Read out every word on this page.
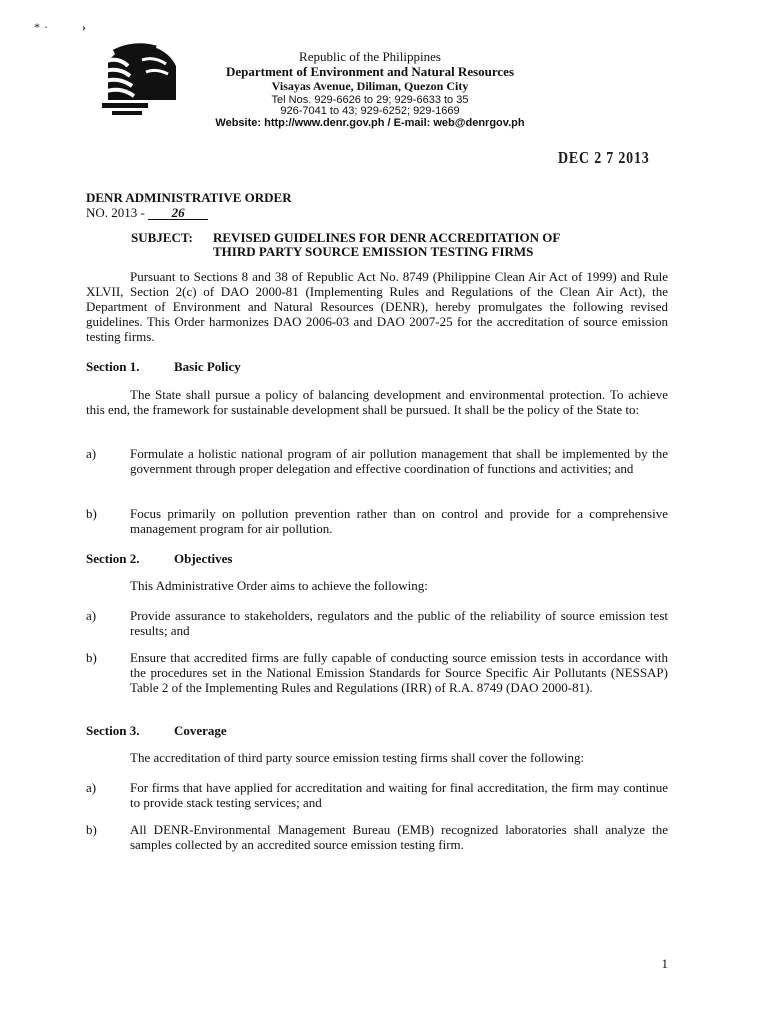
* ·	›
Republic of the Philippines
Department of Environment and Natural Resources
Visayas Avenue, Diliman, Quezon City
Tel Nos. 929-6626 to 29; 929-6633 to 35
926-7041 to 43; 929-6252; 929-1669
Website: http://www.denr.gov.ph / E-mail: web@denrgov.ph
DEC 2 7 2013
DENR ADMINISTRATIVE ORDER
NO. 2013 - 26
SUBJECT: REVISED GUIDELINES FOR DENR ACCREDITATION OF
THIRD PARTY SOURCE EMISSION TESTING FIRMS
Pursuant to Sections 8 and 38 of Republic Act No. 8749 (Philippine Clean Air Act of 1999) and Rule XLVII, Section 2(c) of DAO 2000-81 (Implementing Rules and Regulations of the Clean Air Act), the Department of Environment and Natural Resources (DENR), hereby promulgates the following revised guidelines. This Order harmonizes DAO 2006-03 and DAO 2007-25 for the accreditation of source emission testing firms.
Section 1.	Basic Policy
The State shall pursue a policy of balancing development and environmental protection. To achieve this end, the framework for sustainable development shall be pursued. It shall be the policy of the State to:
a)	Formulate a holistic national program of air pollution management that shall be implemented by the government through proper delegation and effective coordination of functions and activities; and
b)	Focus primarily on pollution prevention rather than on control and provide for a comprehensive management program for air pollution.
Section 2.	Objectives
This Administrative Order aims to achieve the following:
a)	Provide assurance to stakeholders, regulators and the public of the reliability of source emission test results; and
b)	Ensure that accredited firms are fully capable of conducting source emission tests in accordance with the procedures set in the National Emission Standards for Source Specific Air Pollutants (NESSAP) Table 2 of the Implementing Rules and Regulations (IRR) of R.A. 8749 (DAO 2000-81).
Section 3.	Coverage
The accreditation of third party source emission testing firms shall cover the following:
a)	For firms that have applied for accreditation and waiting for final accreditation, the firm may continue to provide stack testing services; and
b)	All DENR-Environmental Management Bureau (EMB) recognized laboratories shall analyze the samples collected by an accredited source emission testing firm.
1
